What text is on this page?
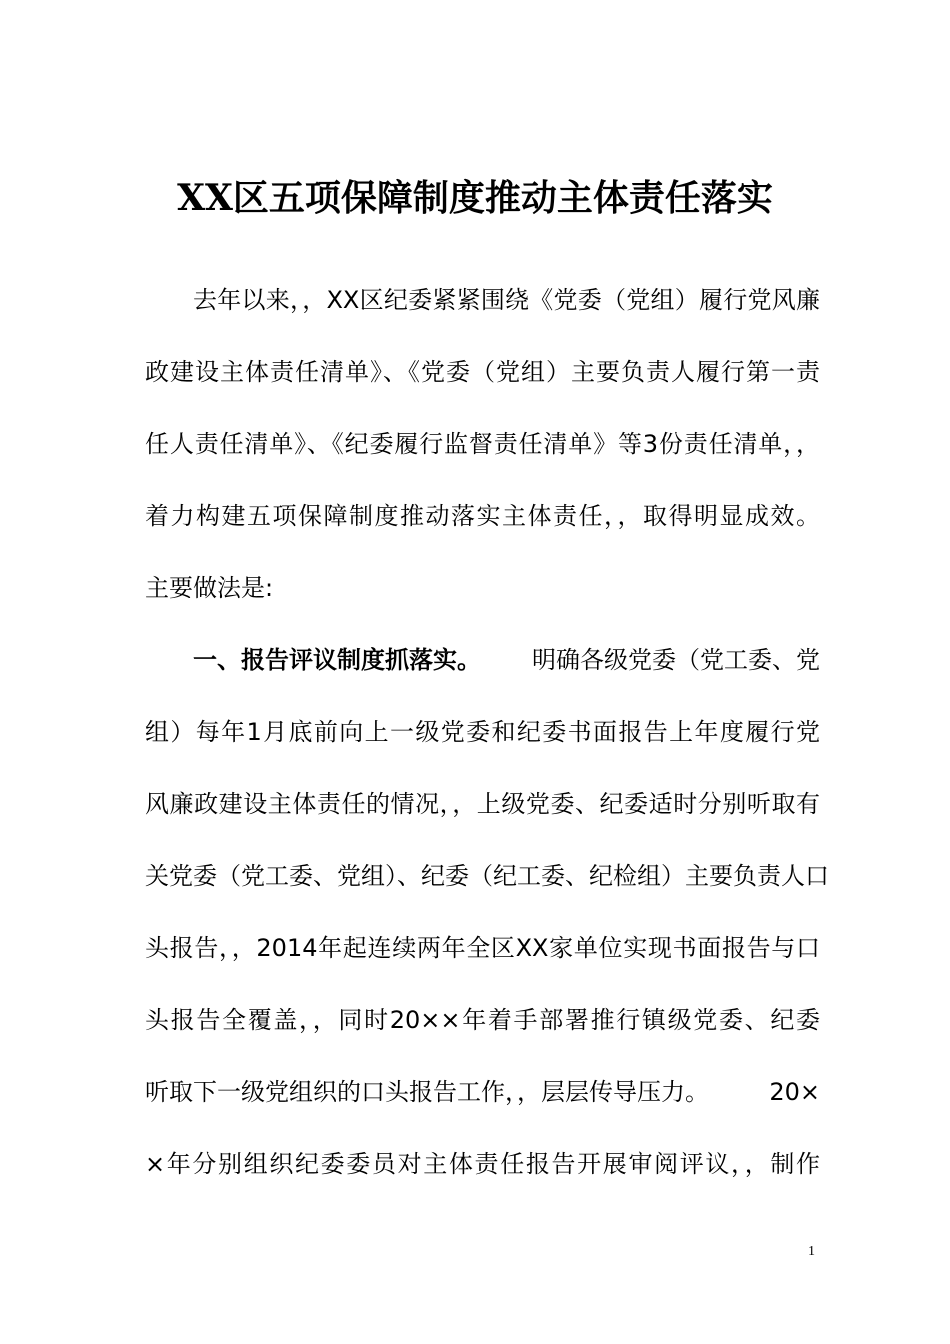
XX区五项保障制度推动主体责任落实
去年以来，，XX区纪委紧紧围绕《党委（党组）履行党风廉
政建设主体责任清单》、《党委（党组）主要负责人履行第一责
任人责任清单》、《纪委履行监督责任清单》等3份责任清单，，
着力构建五项保障制度推动落实主体责任，，取得明显成效。
主要做法是:
一、报告评议制度抓落实。 明确各级党委（党工委、党
组）每年1月底前向上一级党委和纪委书面报告上年度履行党
风廉政建设主体责任的情况，，上级党委、纪委适时分别听取有
关党委（党工委、党组）、纪委（纪工委、纪检组）主要负责人口
头报告，，2014年起连续两年全区XX家单位实现书面报告与口
头报告全覆盖，，同时20××年着手部署推行镇级党委、纪委
听取下一级党组织的口头报告工作，，层层传导压力。	20×
×年分别组织纪委委员对主体责任报告开展审阅评议，，制作
1
